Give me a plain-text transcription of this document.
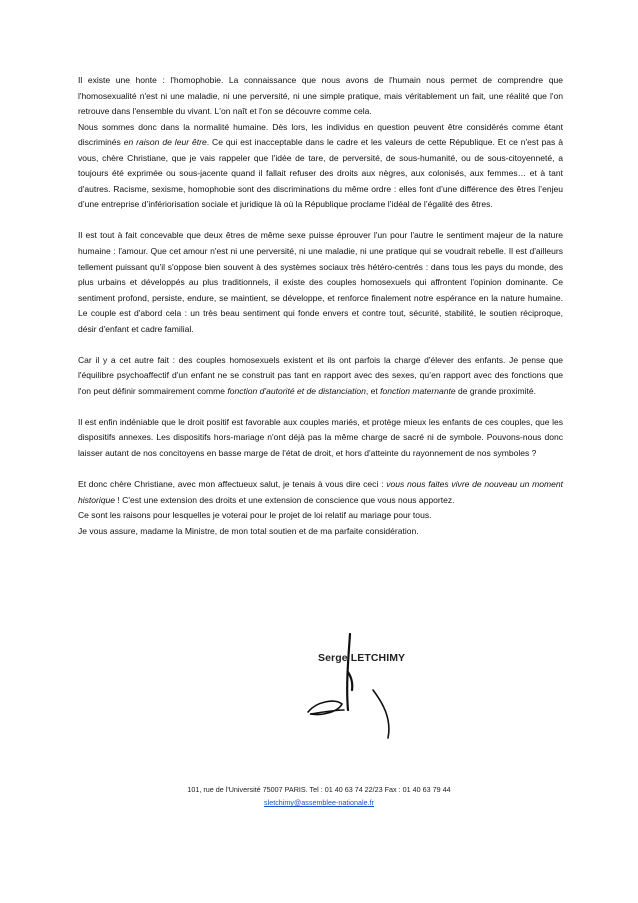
Il existe une honte : l'homophobie. La connaissance que nous avons de l'humain nous permet de comprendre que l'homosexualité n'est ni une maladie, ni une perversité, ni une simple pratique, mais véritablement un fait, une réalité que l'on retrouve dans l'ensemble du vivant. L'on naît et l'on se découvre comme cela.

Nous sommes donc dans la normalité humaine. Dès lors, les individus en question peuvent être considérés comme étant discriminés en raison de leur être. Ce qui est inacceptable dans le cadre et les valeurs de cette République. Et ce n'est pas à vous, chère Christiane, que je vais rappeler que l'idée de tare, de perversité, de sous-humanité, ou de sous-citoyenneté, a toujours été exprimée ou sous-jacente quand il fallait refuser des droits aux nègres, aux colonisés, aux femmes… et à tant d'autres. Racisme, sexisme, homophobie sont des discriminations du même ordre : elles font d’une différence des êtres l’enjeu d’une entreprise d’infériorisation sociale et juridique là où la République proclame l’idéal de l’égalité des êtres.

Il est tout à fait concevable que deux êtres de même sexe puisse éprouver l'un pour l'autre le sentiment majeur de la nature humaine : l'amour. Que cet amour n'est ni une perversité, ni une maladie, ni une pratique qui se voudrait rebelle. Il est d'ailleurs tellement puissant qu'il s'oppose bien souvent à des systèmes sociaux très hétéro-centrés : dans tous les pays du monde, des plus urbains et développés au plus traditionnels, il existe des couples homosexuels qui affrontent l'opinion dominante. Ce sentiment profond, persiste, endure, se maintient, se développe, et renforce finalement notre espérance en la nature humaine. Le couple est d'abord cela : un très beau sentiment qui fonde envers et contre tout, sécurité, stabilité, le soutien réciproque, désir d'enfant et cadre familial.

Car il y a cet autre fait : des couples homosexuels existent et ils ont parfois la charge d'élever des enfants. Je pense que l'équilibre psychoaffectif d'un enfant ne se construit pas tant en rapport avec des sexes, qu’en rapport avec des fonctions que l'on peut définir sommairement comme fonction d'autorité et de distanciation, et fonction maternante de grande proximité.

Il est enfin indéniable que le droit positif est favorable aux couples mariés, et protège mieux les enfants de ces couples, que les dispositifs annexes. Les dispositifs hors-mariage n'ont déjà pas la même charge de sacré ni de symbole. Pouvons-nous donc laisser autant de nos concitoyens en basse marge de l'état de droit, et hors d'atteinte du rayonnement de nos symboles ?

Et donc chère Christiane, avec mon affectueux salut, je tenais à vous dire ceci : vous nous faites vivre de nouveau un moment historique ! C'est une extension des droits et une extension de conscience que vous nous apportez.

Ce sont les raisons pour lesquelles je voterai pour le projet de loi relatif au mariage pour tous.

Je vous assure, madame la Ministre, de mon total soutien et de ma parfaite considération.

Serge LETCHIMY
101, rue de l'Université 75007 PARIS. Tel : 01 40 63 74 22/23 Fax : 01 40 63 79 44
sletchimy@assemblee-nationale.fr
